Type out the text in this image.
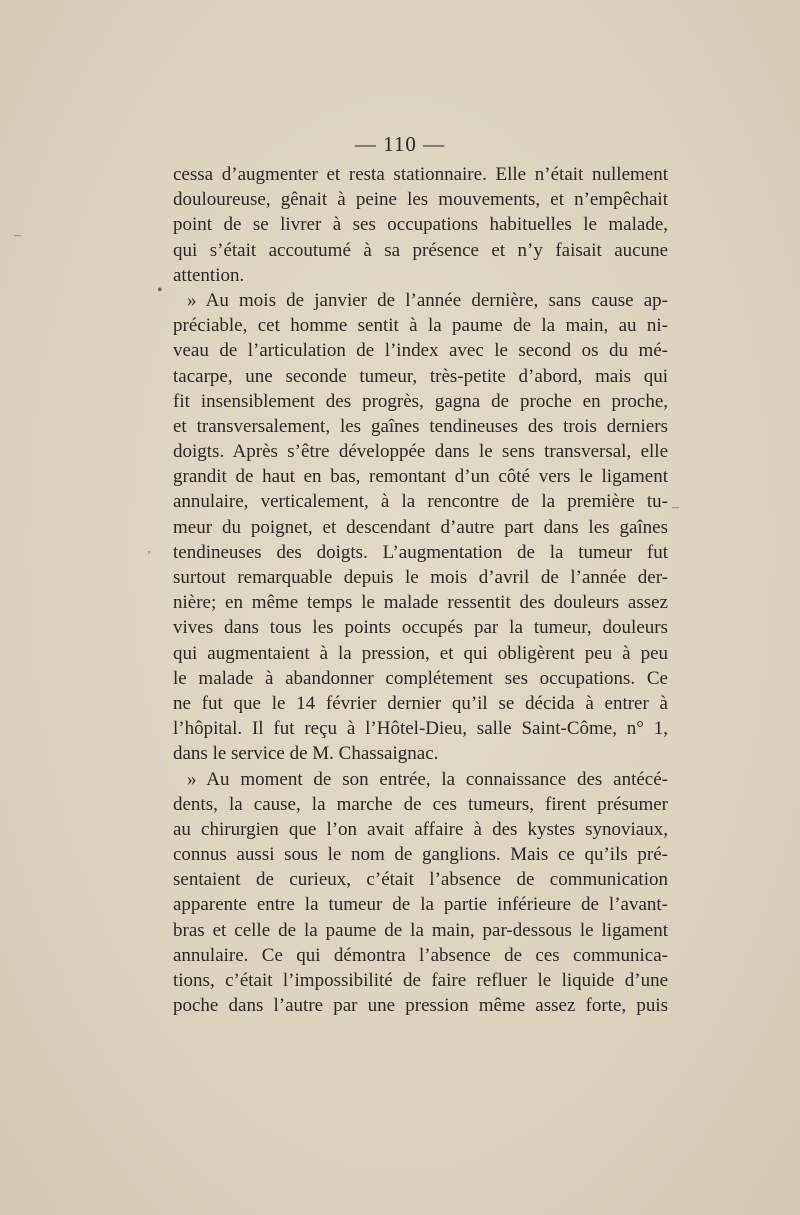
— 110 —
cessa d’augmenter et resta stationnaire. Elle n’était nullement
douloureuse, gênait à peine les mouvements, et n’empêchait
point de se livrer à ses occupations habituelles le malade,
qui s’était accoutumé à sa présence et n’y faisait aucune
attention.
» Au mois de janvier de l’année dernière, sans cause ap-
préciable, cet homme sentit à la paume de la main, au ni-
veau de l’articulation de l’index avec le second os du mé-
tacarpe, une seconde tumeur, très-petite d’abord, mais qui
fit insensiblement des progrès, gagna de proche en proche,
et transversalement, les gaînes tendineuses des trois derniers
doigts. Après s’être développée dans le sens transversal, elle
grandit de haut en bas, remontant d’un côté vers le ligament
annulaire, verticalement, à la rencontre de la première tu-
meur du poignet, et descendant d’autre part dans les gaînes
tendineuses des doigts. L’augmentation de la tumeur fut
surtout remarquable depuis le mois d’avril de l’année der-
nière; en même temps le malade ressentit des douleurs assez
vives dans tous les points occupés par la tumeur, douleurs
qui augmentaient à la pression, et qui obligèrent peu à peu
le malade à abandonner complétement ses occupations. Ce
ne fut que le 14 février dernier qu’il se décida à entrer à
l’hôpital. Il fut reçu à l’Hôtel-Dieu, salle Saint-Côme, n° 1,
dans le service de M. Chassaignac.
» Au moment de son entrée, la connaissance des antécé-
dents, la cause, la marche de ces tumeurs, firent présumer
au chirurgien que l’on avait affaire à des kystes synoviaux,
connus aussi sous le nom de ganglions. Mais ce qu’ils pré-
sentaient de curieux, c’était l’absence de communication
apparente entre la tumeur de la partie inférieure de l’avant-
bras et celle de la paume de la main, par-dessous le ligament
annulaire. Ce qui démontra l’absence de ces communica-
tions, c’était l’impossibilité de faire refluer le liquide d’une
poche dans l’autre par une pression même assez forte, puis
–
•
–
ʼ
